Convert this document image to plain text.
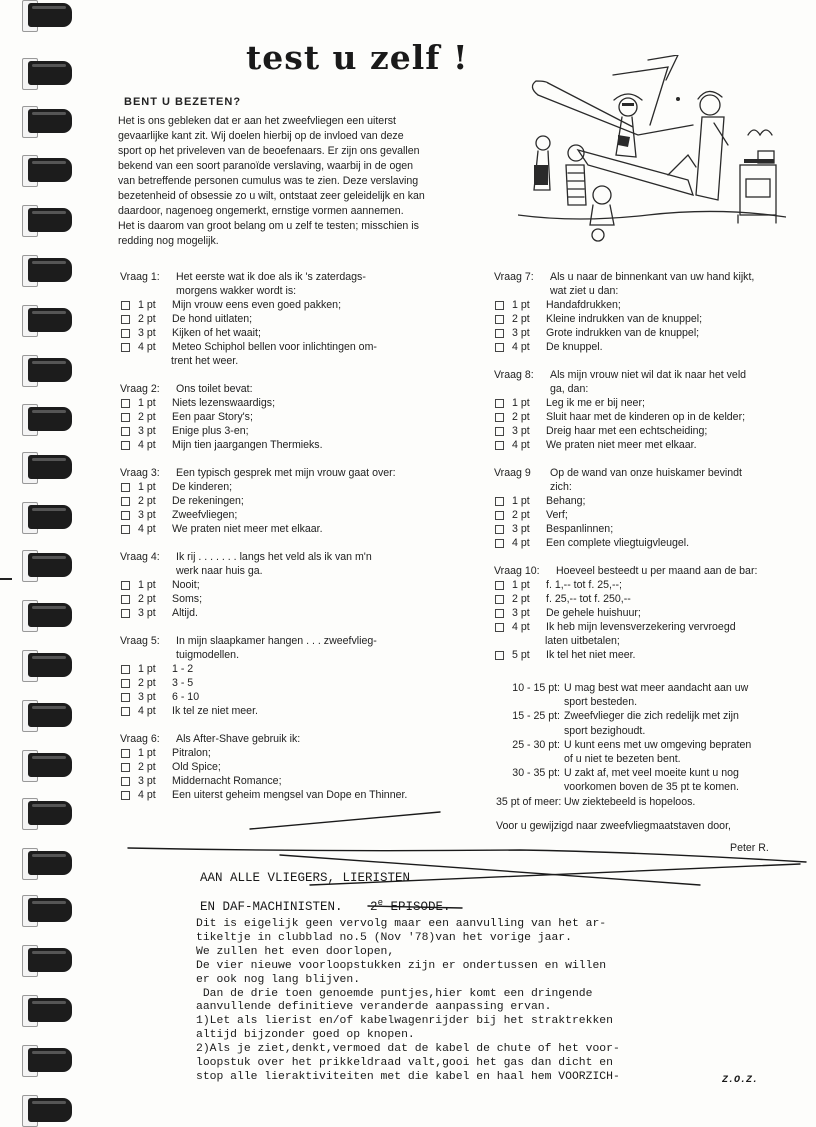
test u zelf !
BENT U BEZETEN?
Het is ons gebleken dat er aan het zweefvliegen een uiterst
gevaarlijke kant zit. Wij doelen hierbij op de invloed van deze
sport op het priveleven van de beoefenaars. Er zijn ons gevallen
bekend van een soort paranoïde verslaving, waarbij in de ogen
van betreffende personen cumulus was te zien. Deze verslaving
bezetenheid of obsessie zo u wilt, ontstaat zeer geleidelijk en kan
daardoor, nagenoeg ongemerkt, ernstige vormen aannemen.
Het is daarom van groot belang om u zelf te testen; misschien is
redding nog mogelijk.
Vraag 1:	Het eerste wat ik doe als ik 's zaterdags-
morgens wakker wordt is:
1 pt	Mijn vrouw eens even goed pakken;
2 pt	De hond uitlaten;
3 pt	Kijken of het waait;
4 pt	Meteo Schiphol bellen voor inlichtingen om-
trent het weer.
Vraag 2:	Ons toilet bevat:
1 pt	Niets lezenswaardigs;
2 pt	Een paar Story's;
3 pt	Enige plus 3-en;
4 pt	Mijn tien jaargangen Thermieks.
Vraag 3:	Een typisch gesprek met mijn vrouw gaat over:
1 pt	De kinderen;
2 pt	De rekeningen;
3 pt	Zweefvliegen;
4 pt	We praten niet meer met elkaar.
Vraag 4:	Ik rij . . . . . . . langs het veld als ik van m'n
werk naar huis ga.
1 pt	Nooit;
2 pt	Soms;
3 pt	Altijd.
Vraag 5:	In mijn slaapkamer hangen . . . zweefvlieg-
tuigmodellen.
1 pt	1 - 2
2 pt	3 - 5
3 pt	6 - 10
4 pt	Ik tel ze niet meer.
Vraag 6:	Als After-Shave gebruik ik:
1 pt	Pitralon;
2 pt	Old Spice;
3 pt	Middernacht Romance;
4 pt	Een uiterst geheim mengsel van Dope en Thinner.
Vraag 7:	Als u naar de binnenkant van uw hand kijkt,
wat ziet u dan:
1 pt	Handafdrukken;
2 pt	Kleine indrukken van de knuppel;
3 pt	Grote indrukken van de knuppel;
4 pt	De knuppel.
Vraag 8:	Als mijn vrouw niet wil dat ik naar het veld
ga, dan:
1 pt	Leg ik me er bij neer;
2 pt	Sluit haar met de kinderen op in de kelder;
3 pt	Dreig haar met een echtscheiding;
4 pt	We praten niet meer met elkaar.
Vraag 9	Op de wand van onze huiskamer bevindt
zich:
1 pt	Behang;
2 pt	Verf;
3 pt	Bespanlinnen;
4 pt	Een complete vliegtuigvleugel.
Vraag 10:	Hoeveel besteedt u per maand aan de bar:
1 pt	f. 1,-- tot f. 25,--;
2 pt	f. 25,-- tot f. 250,--
3 pt	De gehele huishuur;
4 pt	Ik heb mijn levensverzekering vervroegd
laten uitbetalen;
5 pt	Ik tel het niet meer.
10 - 15 pt: U mag best wat meer aandacht aan uw
sport besteden.
15 - 25 pt: Zweefvlieger die zich redelijk met zijn
sport bezighoudt.
25 - 30 pt: U kunt eens met uw omgeving bepraten
of u niet te bezeten bent.
30 - 35 pt: U zakt af, met veel moeite kunt u nog
voorkomen boven de 35 pt te komen.
35 pt of meer: Uw ziektebeeld is hopeloos.
Voor u gewijzigd naar zweefvliegmaatstaven door,
Peter R.
AAN ALLE VLIEGERS, LIERISTEN
EN DAF-MACHINISTEN. 2e EPISODE.
Dit is eigelijk geen vervolg maar een aanvulling van het ar-
tikeltje in clubblad no.5 (Nov '78)van het vorige jaar.
We zullen het even doorlopen,
De vier nieuwe voorloopstukken zijn er ondertussen en willen
er ook nog lang blijven.
Dan de drie toen genoemde puntjes,hier komt een dringende
aanvullende definitieve veranderde aanpassing ervan.
1)Let als lierist en/of kabelwagenrijder bij het straktrekken
altijd bijzonder goed op knopen.
2)Als je ziet,denkt,vermoed dat de kabel de chute of het voor-
loopstuk over het prikkeldraad valt,gooi het gas dan dicht en
stop alle lieraktiviteiten met die kabel en haal hem VOORZICH-	Z.O.Z.
